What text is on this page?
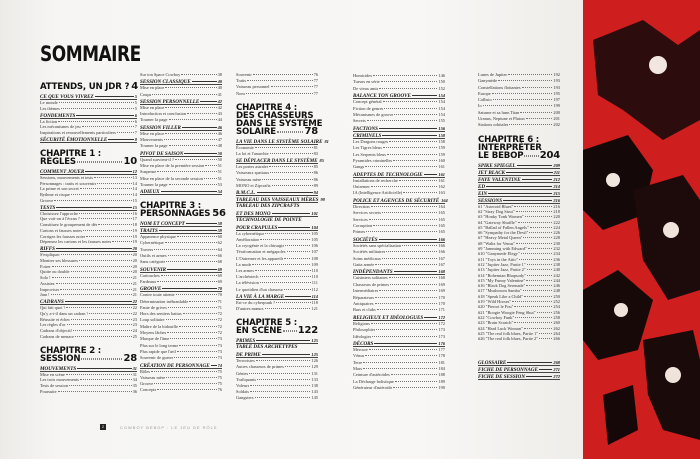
SOMMAIRE
ATTENDS, UN JDR ? 4
CE QUE VOUS VIVREZ	5
Le monde	5
Les thèmes	5
FONDEMENTS	6
La fiction	6
Les mécanismes de jeu	7
Inspirations et renouvellements particuliers	7
SÉCURITÉ ÉMOTIONNELLE	8
CHAPITRE 1 :
RÈGLES	10
COMMENT JOUER	12
Sessions, mouvements et tests	13
Personnages : traits et souvenirs	14
La prime et son secret	14
Rythme et risque	14
Groove	15
TESTS	15
Choisissez l'approche	16
Que voit-on à l'écran ?	17
Constituez le groupement de dés	18
Cartons et fausses notes	19
Corrigez les fausses notes	19
Dépensez les cartons et les fausses notes	19
RIFFS	20
S'expliquer	20
Montrer ses blessures	20
Foirer	20
Quitte ou double	20
Solo !	21
Assistez	21
Improviser	21
Jam !	21
CADRANS	22
Qui fait quoi ?	22
Qu'y a-t-il dans un cadran ?	22
Réussite et échec	23
Les règles d'or	23
Cadrans d'objectif	24
Cadrans de menace	25
CHAPITRE 2 :
SESSION	28
MOUVEMENTS	31
Mise en scène	31
Les trois mouvements	34
Tests de session	35
Poursuite	36
Sur ton Space Cowboy	38
SESSION CLASSIQUE	40
Mise en place	40
Coups	41
SESSION PERSONNELLE	42
Mise en place	42
Introduction et conclusion	43
Tourner la page	44
SESSION FILLER	46
Mise en place	46
Mouvements	47
Tourner la page	48
PIVOT DE SAISON	50
Quand survient-il ?	50
Mise en place de la première session	51
Suspense	51
Mise en place de la seconde session	51
Tourner la page	53
ADIEUX	54
CHAPITRE 3 :
PERSONNAGES 56
NOM ET CONCEPT	58
TRAITS	59
Apparence physique	60
Cybernétique	62
Travers	64
Outils et armes	66
Sans catégorie	68
SOUVENIR	69
Cartouches	69
Fardeaux	69
GROOVE	70
Contre toute attente	70
Détermination inébranlable	71
Faute de grives	71
Hors des sentiers battus	72
Loup solitaire	72
Maître de la bidouille	72
Moyens lâches	72
Marque de l'âme	73
Plus sur le long terme	73
Plus rapide que l'œil	73
Souvenir de guerre	73
CRÉATION DE PERSONNAGE 74
Rôles	75
Vaisseau mère	75
Groove	75
Concepts	76
Souvenir	76
Traits	77
Vaisseau personnel	77
Nom	77
CHAPITRE 4 :
DES CHASSEURS
DANS LE SYSTÈME
SOLAIRE	78
LA VIE DANS LE SYSTÈME SOLAIRE 81
Économie	81
La loi et l'anarchie	83
SE DÉPLACER DANS LE SYSTÈME 85
Les portes astrales	85
Vaisseaux spatiaux	86
Vaisseau mère	86
MONO et Zipcrafts	89
B.M.C.L.	94
TABLEAU DES VAISSEAUX MÈRES 98
TABLEAU DES ZIPCRAFTS
ET DES MONO	101
TECHNOLOGIE DE POINTE
POUR CRAPULES	104
La cybernétique	105
Amélioration	105
La cryogénie et la chirurgie	106
Téraformation et mégapoles	107
L'Outremer et les appareils	108
La mode	109
Les armes	110
L'archéotech	110
La télévision	111
Le quotidien d'un chasseur	112
LA VIE À LA MARGE	114
Est-ce du cyberpunk ?	118
D'autres mœurs	121
CHAPITRE 5 :
EN SCÈNE 122
PRIMES	125
TABLE DES ARCHÉTYPES
DE PRIME	125
Terroristes	126
Autres chasseurs de primes	129
Génies	131
Trafiquants	133
Voleurs	138
Soldats	143
Gangsters	145
Homicides	146
Tueurs en série	150
De vieux amis	152
BALANCE TON GROOVE	154
Concept général	154
Fiction de genres	154
Mécanismes de groove	154
Secrets	155
FACTIONS	156
CRIMINELS	158
Les Dragons rouges	158
Les Tigres bleus	159
Les Serpents bleus	159
Pyramides criminelles	160
Gangs	161
ADEPTES DE TECHNOLOGIE	161
Installations de recherche	161
Outremer	162
IA (Intelligence Artificielle)	163
POLICE ET AGENCES DE SÉCURITÉ 164
Direction	164
Services secrets	165
Services	165
Corruption	165
Primes	165
SOCIÉTÉS	166
Sociétés sans spécialisation	166
Sociétés militaires	166
Soins médicaux	167
Gatta armée	167
INDÉPENDANTS	168
Cuisiniers solitaires	168
Chasseurs de primes	169
Intermédiaires	169
Réparateurs	170
Antiquaires	170
Bars et clubs	171
RELIGIEUX ET IDÉOLOGUES	172
Religions	172
Philosophies	173
Idéologies	173
DÉCORS	176
Mercure	177
Vénus	178
Terre	181
Mars	184
Ceinture d'astéroïdes	188
La Décharge holistique	189
Générateur d'astéroïde	190
Lunes de Jupiter	192
Ganymède	193
Constellations flottantes	193
Europe	195
Callisto	197
Io	199
Saturne et sa lune,Titan	200
Uranus, Neptune et Pluton	201
Stations orbitales	202
CHAPITRE 6 :
INTERPRÉTER
LE BEBOP 204
SPIKE SPIEGEL	209
JET BLACK	211
FAYE VALENTINE	212
ED	214
EIN	215
SESSIONS	216
#1 "Asteroid Blues"	216
#2 "Stray Dog Strut"	218
#3 "Honky Tonk Women"	220
#4 "Gateway Shuffle"	222
#5 "Ballad of Fallen Angels"	224
#6 "Sympathy for the Devil"	226
#7 "Heavy Metal Queen"	228
#8 "Waltz for Venus"	230
#9 "Jamming with Edward"	232
#10 "Ganymede Elegy"	234
#11 "Toys in the Attic"	236
#12 "Jupiter Jazz, Partie 1"	238
#13 "Jupiter Jazz, Partie 2"	240
#14 "Bohemian Rhapsody"	242
#15 "My Funny Valentine"	244
#16 "Black Dog Serenade"	246
#17 "Mushroom Samba"	248
#18 "Speak Like a Child"	250
#19 "Wild Horses"	252
#20 "Pierrot le Fou"	254
#21 "Boogie Woogie Feng Shui"	256
#22 "Cowboy Funk"	258
#23 "Brain Scratch"	260
#24 "Hard Luck Woman"	262
#25 "The real folk blues, Partie 1"	264
#26 "The real folk blues, Partie 2"	266
GLOSSAIRE	268
FICHE DE PERSONNAGE	271
FICHE DE SESSION	272
2	COWBOY BEBOP : LE JEU DE RÔLE
